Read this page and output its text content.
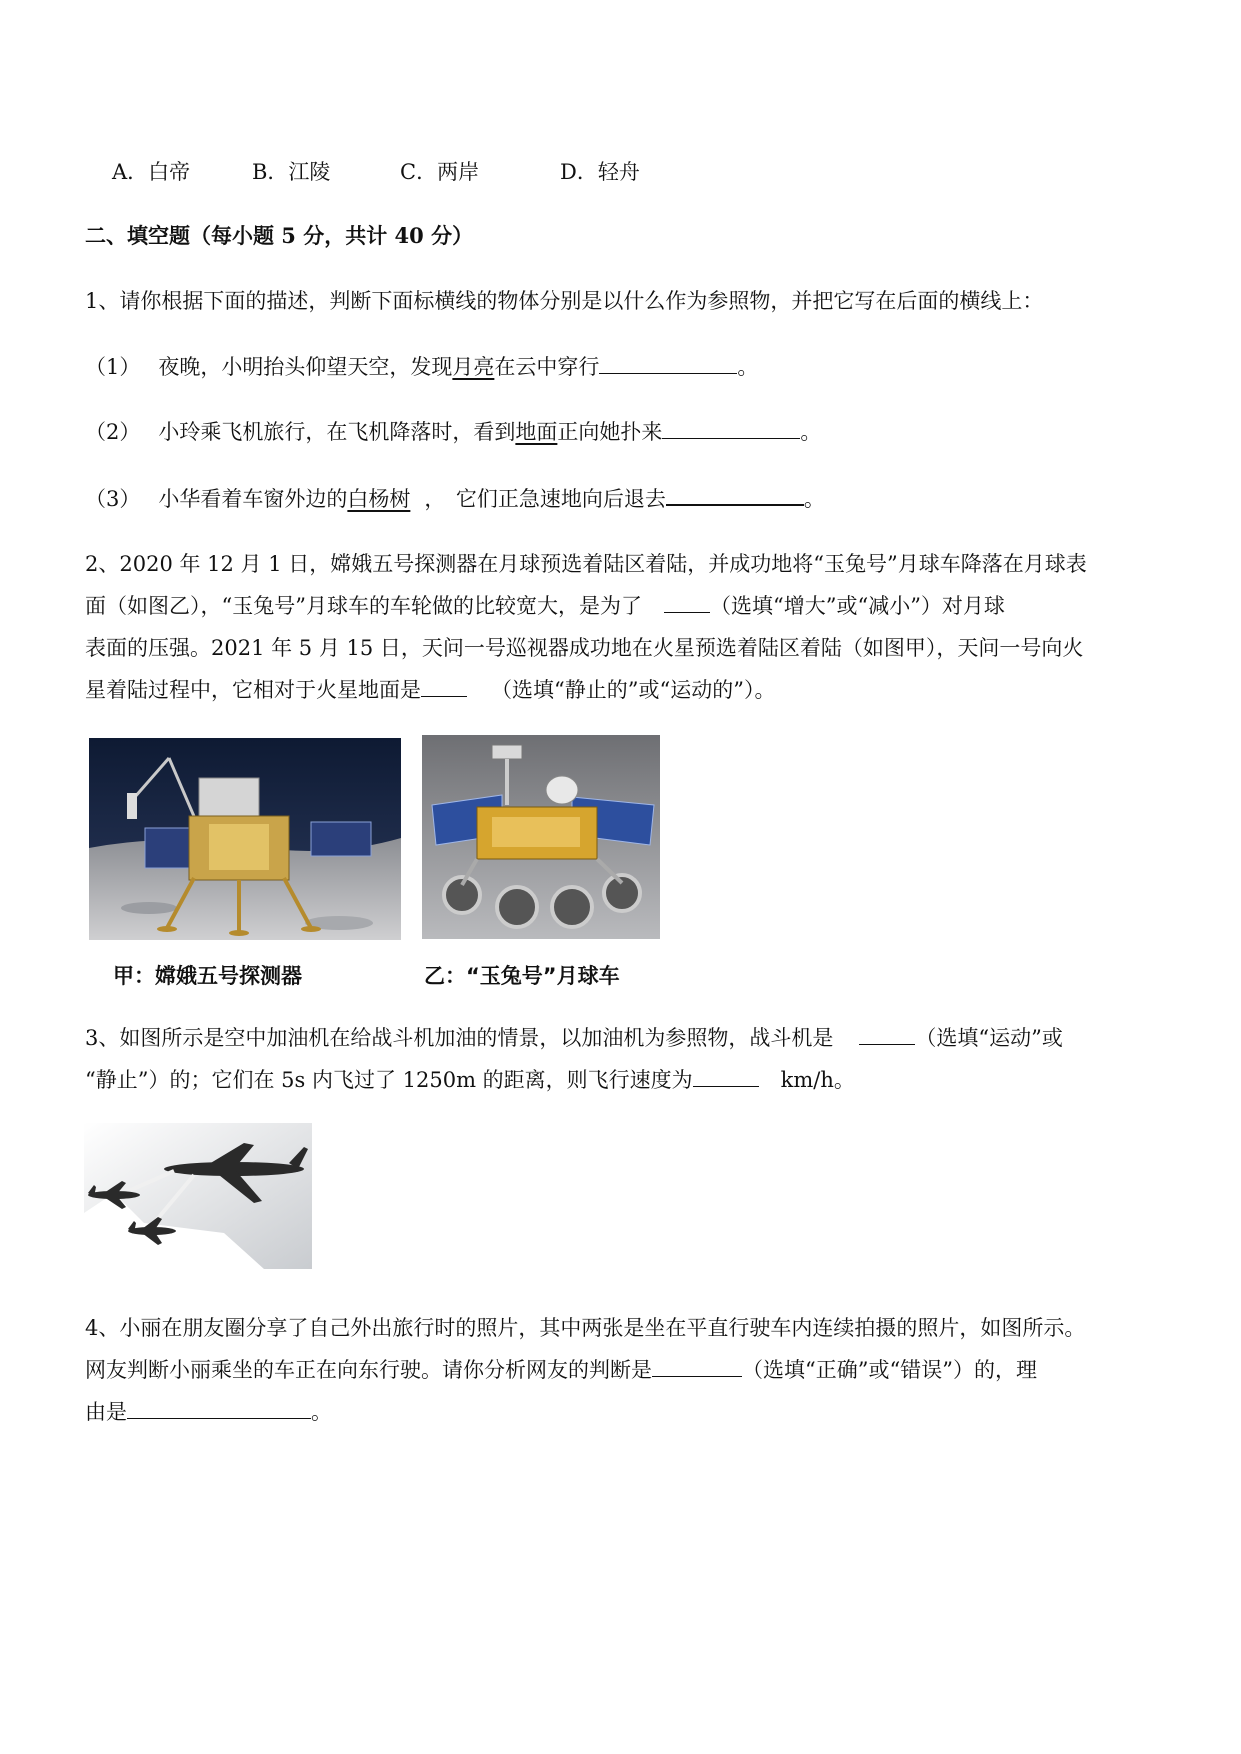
A．白帝	B．江陵	C．两岸	D．轻舟
二、填空题（每小题 5 分，共计 40 分）
1、请你根据下面的描述，判断下面标横线的物体分别是以什么作为参照物，并把它写在后面的横线上：
（1） 夜晚，小明抬头仰望天空，发现月亮在云中穿行	。
（2） 小玲乘飞机旅行，在飞机降落时，看到地面正向她扑来	。
（3） 小华看着车窗外边的白杨树 ，　它们正急速地向后退去	。
2、2020 年 12 月 1 日，嫦娥五号探测器在月球预选着陆区着陆，并成功地将“玉兔号”月球车降落在月球表
面（如图乙），“玉兔号”月球车的车轮做的比较宽大，是为了	（选填“增大”或“减小”）对月球
表面的压强。2021 年 5 月 15 日，天问一号巡视器成功地在火星预选着陆区着陆（如图甲），天问一号向火
星着陆过程中，它相对于火星地面是	（选填“静止的”或“运动的”）。
甲：嫦娥五号探测器	乙：“玉兔号”月球车
3、如图所示是空中加油机在给战斗机加油的情景，以加油机为参照物，战斗机是	（选填“运动”或
“静止”）的；它们在 5s 内飞过了 1250m 的距离，则飞行速度为	km/h。
4、小丽在朋友圈分享了自己外出旅行时的照片，其中两张是坐在平直行驶车内连续拍摄的照片，如图所示。
网友判断小丽乘坐的车正在向东行驶。请你分析网友的判断是	（选填“正确”或“错误”）的，理
由是	。
